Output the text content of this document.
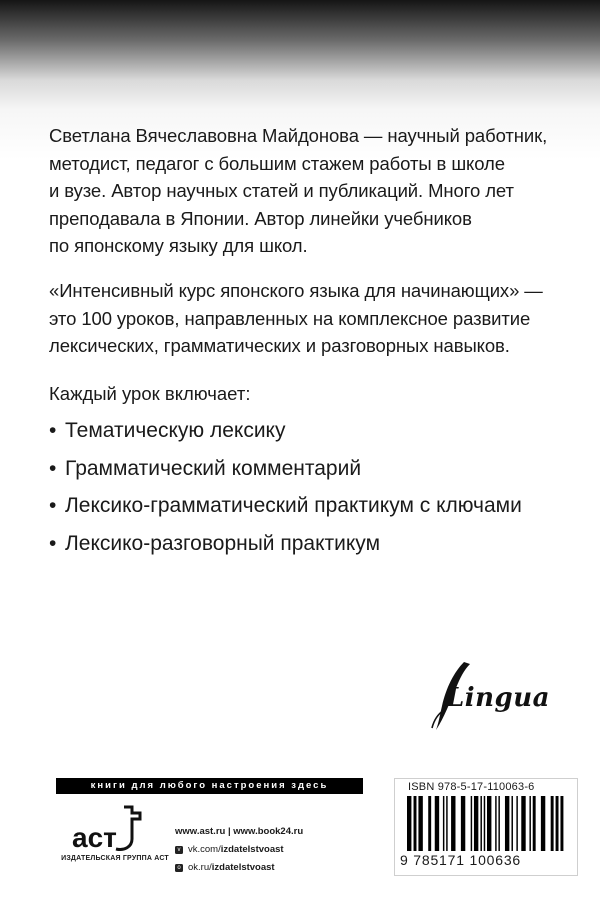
Светлана Вячеславовна Майдонова — научный работник,

методист, педагог с большим стажем работы в школе

и вузе. Автор научных статей и публикаций. Много лет

преподавала в Японии. Автор линейки учебников

по японскому языку для школ.

«Интенсивный курс японского языка для начинающих» —

это 100 уроков, направленных на комплексное развитие

лексических, грамматических и разговорных навыков.

Каждый урок включает:
• Тематическую лексику
• Грамматический комментарий
• Лексико-грамматический практикум с ключами
• Лексико-разговорный практикум
Lingua
книги для любого настроения здесь
аст
ИЗДАТЕЛЬСКАЯ ГРУППА АСТ
www.ast.ru | www.book24.ru
v vk.com/ izdatelstvoast
o ok.ru/ izdatelstvoast
ISBN 978-5-17-110063-6
9 785171 100636
